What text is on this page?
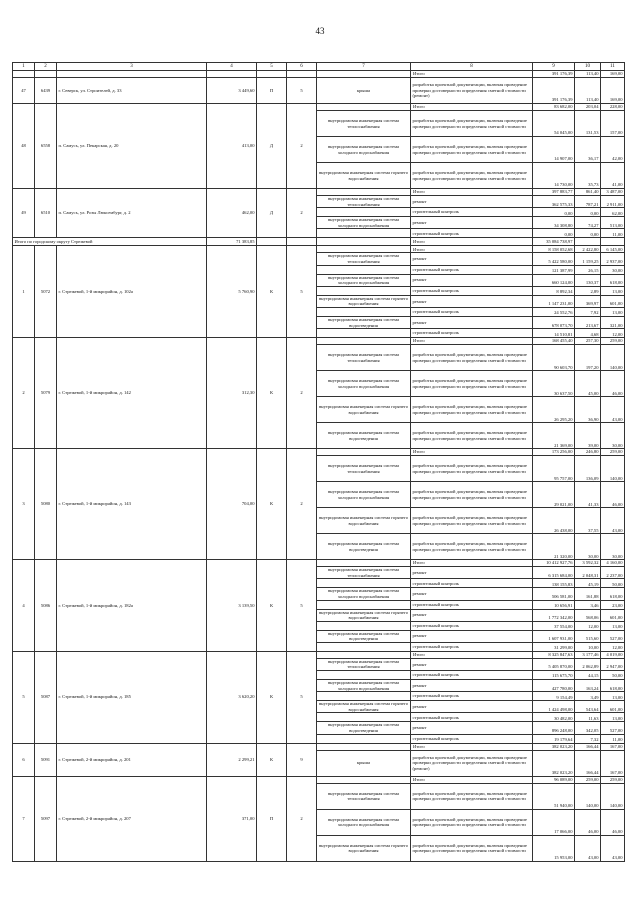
43
1	2	3	4	5	6	7	8	9	10	11
							Итого	391 176,39	113,40	169,00
47	6439	г. Северск, ул. Строителей, д. 33	3 449,60	П	5	крыша	разработка проектной документации, включая проведение проверки достоверности определения сметной стоимости (ремонт)	391 176,39	113,40	169,00
48	6558	п. Самусь, ул. Пекарская, д. 20	413,00	Д	2		Итого	83 682,00	203,04	228,00
						внутридомовая инженерная система теплоснабжения	разработка проектной документации, включая проведение проверки достоверности определения сметной стоимости	54 045,00	131,53	157,00
						внутридомовая инженерная система холодного водоснабжения	разработка проектной документации, включая проведение проверки достоверности определения сметной стоимости	14 907,00	36,17	42,00
						внутридомовая инженерная система горячего водоснабжения	разработка проектной документации, включая проведение проверки достоверности определения сметной стоимости	14 730,00	35,73	41,00
49	6510	п. Самусь, ул. Розы Люксембург, д. 2	462,00	Д	2		Итого	397 883,77	861,40	3 487,00
						внутридомовая инженерная система теплоснабжения	ремонт	362 575,33	787,21	2 911,00
							строительный контроль	0,00	0,00	62,00
						внутридомовая инженерная система холодного водоснабжения	ремонт	34 308,80	74,27	513,00
							строительный контроль	0,00	0,00	11,00
Итого по городскому округу Стрежевой			71 383,85				Итого	35 084 738,97		
1	5072	г. Стрежевой, 1-й микрорайон, д. 102а	5 760,90	К	5		Итого	8 158 052,68	2 422,80	6 145,00
						внутридомовая инженерная система теплоснабжения	ремонт	5 422 580,00	1 159,25	2 937,00
							строительный контроль	121 387,99	26,15	30,00
						внутридомовая инженерная система холодного водоснабжения	ремонт	660 124,00	130,37	618,00
							строительный контроль	8 892,34	2,89	13,00
						внутридомовая инженерная система горячего водоснабжения	ремонт	1 147 231,00	369,97	601,00
							строительный контроль	24 552,76	7,92	13,00
						внутридомовая инженерная система водоотведения	ремонт	678 073,70	213,67	321,00
							строительный контроль	14 510,81	4,68	12,00
2	5079	г. Стрежевой, 1-й микрорайон, д. 142	312,30	К	2		Итого	168 455,40	257,30	259,00
						внутридомовая инженерная система теплоснабжения	разработка проектной документации, включая проведение проверки достоверности определения сметной стоимости	90 603,70	197,20	140,00
						внутридомовая инженерная система холодного водоснабжения	разработка проектной документации, включая проведение проверки достоверности определения сметной стоимости	30 637,50	45,00	46,00
						внутридомовая инженерная система горячего водоснабжения	разработка проектной документации, включая проведение проверки достоверности определения сметной стоимости	26 295,20	36,90	43,00
						внутридомовая инженерная система водоотведения	разработка проектной документации, включая проведение проверки достоверности определения сметной стоимости	21 369,00	39,00	30,00
3	5080	г. Стрежевой, 1-й микрорайон, д. 143	704,00	К	2		Итого	173 256,00	246,80	259,00
						внутридомовая инженерная система теплоснабжения	разработка проектной документации, включая проведение проверки достоверности определения сметной стоимости	95 757,00	136,09	140,00
						внутридомовая инженерная система холодного водоснабжения	разработка проектной документации, включая проведение проверки достоверности определения сметной стоимости	29 021,00	41,33	46,00
						внутридомовая инженерная система горячего водоснабжения	разработка проектной документации, включая проведение проверки достоверности определения сметной стоимости	26 438,00	37,55	43,00
						внутридомовая инженерная система водоотведения	разработка проектной документации, включая проведение проверки достоверности определения сметной стоимости	21 320,00	30,00	30,00
4	5086	г. Стрежевой, 1-й микрорайон, д. 182а	3 139,50	К	5		Итого	10 412 927,76	3 592,32	4 160,00
						внутридомовая инженерная система теплоснабжения	ремонт	6 315 684,00	2 048,31	2 237,00
							строительный контроль	138 155,83	45,19	50,00
						внутридомовая инженерная система холодного водоснабжения	ремонт	506 581,00	161,88	618,00
							строительный контроль	10 656,91	3,46	23,00
						внутридомовая инженерная система горячего водоснабжения	ремонт	1 772 342,00	568,06	601,00
							строительный контроль	37 554,00	12,00	13,00
						внутридомовая инженерная система водоотведения	ремонт	1 607 931,00	515,60	527,00
							строительный контроль	31 299,00	10,00	12,00
5	5087	г. Стрежевой, 1-й микрорайон, д. 185	3 620,20	К	5		Итого	8 325 847,63	3 177,46	4 019,00
						внутридомовая инженерная система теплоснабжения	ремонт	5 405 870,00	2 062,89	2 947,00
							строительный контроль	115 675,70	44,15	50,00
						внутридомовая инженерная система холодного водоснабжения	ремонт	427 780,00	163,24	618,00
							строительный контроль	9 154,49	3,49	13,00
						внутридомовая инженерная система горячего водоснабжения	ремонт	1 424 498,00	543,64	601,00
							строительный контроль	30 482,00	11,63	13,00
						внутридомовая инженерная система водоотведения	ремонт	896 248,00	342,05	527,00
							строительный контроль	19 179,64	7,32	11,00
6	5091	г. Стрежевой, 2-й микрорайон, д. 201	2 299,21	К	9		Итого	382 023,20	166,44	167,00
						крыша	разработка проектной документации, включая проведение проверки достоверности определения сметной стоимости (ремонт)	382 023,20	166,44	167,00
7	5097	г. Стрежевой, 2-й микрорайон, д. 207	371,00	П	2		Итого	96 089,00	259,00	259,00
						внутридомовая инженерная система теплоснабжения	разработка проектной документации, включая проведение проверки достоверности определения сметной стоимости	51 940,00	140,00	140,00
						внутридомовая инженерная система холодного водоснабжения	разработка проектной документации, включая проведение проверки достоверности определения сметной стоимости	17 066,00	46,00	46,00
						внутридомовая инженерная система горячего водоснабжения	разработка проектной документации, включая проведение проверки достоверности определения сметной стоимости	15 953,00	43,00	43,00
